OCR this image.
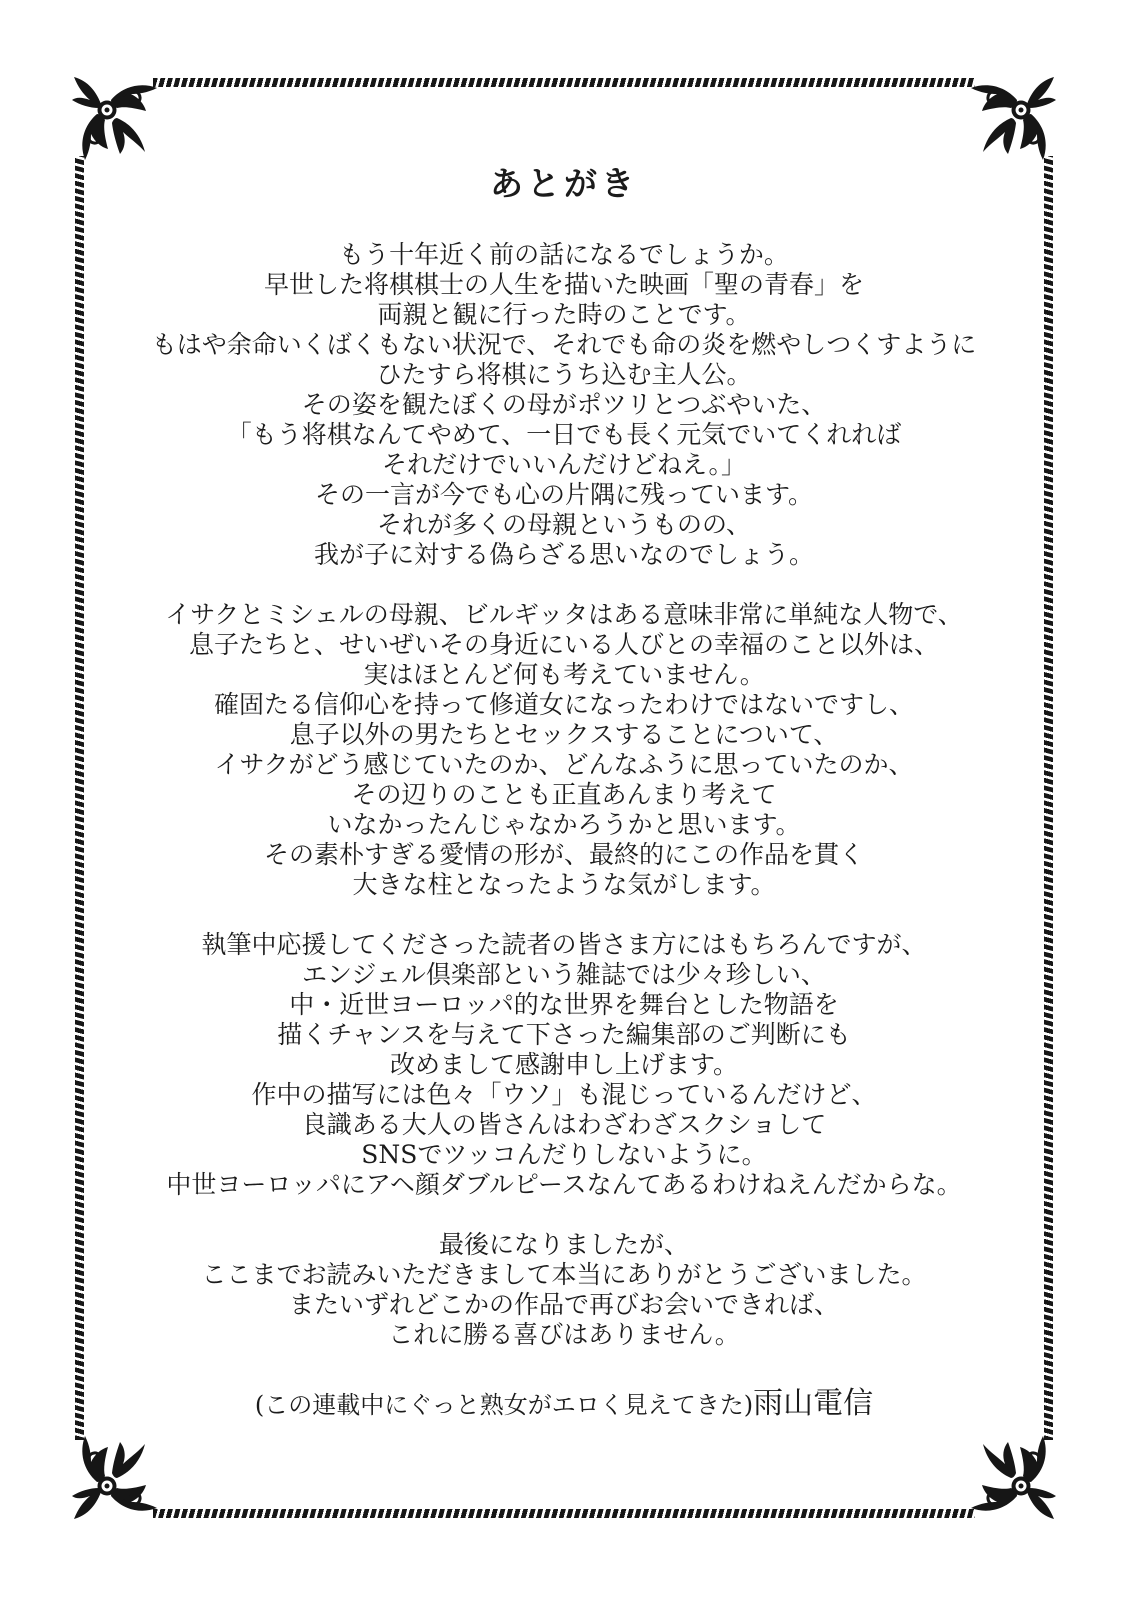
あとがき
もう十年近く前の話になるでしょうか。
早世した将棋棋士の人生を描いた映画「聖の青春」を
両親と観に行った時のことです。
もはや余命いくばくもない状況で、それでも命の炎を燃やしつくすように
ひたすら将棋にうち込む主人公。
その姿を観たぼくの母がポツリとつぶやいた、
「もう将棋なんてやめて、一日でも長く元気でいてくれれば
それだけでいいんだけどねえ。」
その一言が今でも心の片隅に残っています。
それが多くの母親というものの、
我が子に対する偽らざる思いなのでしょう。
イサクとミシェルの母親、ビルギッタはある意味非常に単純な人物で、
息子たちと、せいぜいその身近にいる人びとの幸福のこと以外は、
実はほとんど何も考えていません。
確固たる信仰心を持って修道女になったわけではないですし、
息子以外の男たちとセックスすることについて、
イサクがどう感じていたのか、どんなふうに思っていたのか、
その辺りのことも正直あんまり考えて
いなかったんじゃなかろうかと思います。
その素朴すぎる愛情の形が、最終的にこの作品を貫く
大きな柱となったような気がします。
執筆中応援してくださった読者の皆さま方にはもちろんですが、
エンジェル倶楽部という雑誌では少々珍しい、
中・近世ヨーロッパ的な世界を舞台とした物語を
描くチャンスを与えて下さった編集部のご判断にも
改めまして感謝申し上げます。
作中の描写には色々「ウソ」も混じっているんだけど、
良識ある大人の皆さんはわざわざスクショして
SNSでツッコんだりしないように。
中世ヨーロッパにアヘ顔ダブルピースなんてあるわけねえんだからな。
最後になりましたが、
ここまでお読みいただきまして本当にありがとうございました。
またいずれどこかの作品で再びお会いできれば、
これに勝る喜びはありません。
(この連載中にぐっと熟女がエロく見えてきた)雨山電信
